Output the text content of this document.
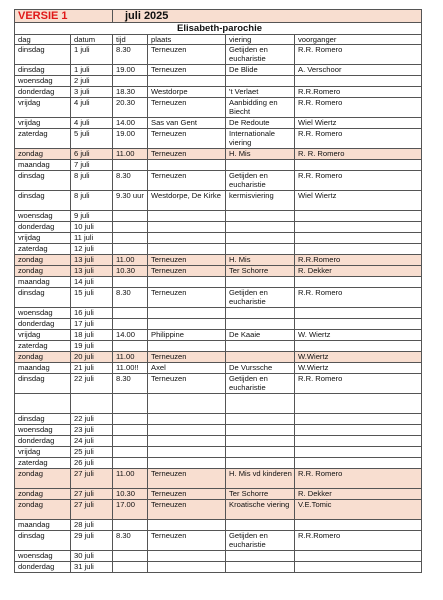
VERSIE 1		juli 2025			
Elisabeth-parochie					
dag	datum	tijd	plaats	viering	voorganger
dinsdag	1 juli	8.30	Terneuzen	Getijden en eucharistie	R.R. Romero
dinsdag	1 juli	19.00	Terneuzen	De Blide	A. Verschoor
woensdag	2 juli				
donderdag	3 juli	18.30	Westdorpe	't Verlaet	R.R.Romero
vrijdag	4 juli	20.30	Terneuzen	Aanbidding en Biecht	R.R. Romero
vrijdag	4 juli	14.00	Sas van Gent	De Redoute	Wiel Wiertz
zaterdag	5 juli	19.00	Terneuzen	Internationale viering	R.R. Romero
zondag	6 juli	11.00	Terneuzen	H. Mis	R. R. Romero
maandag	7 juli				
dinsdag	8 juli	8.30	Terneuzen	Getijden en eucharistie	R.R. Romero
dinsdag	8 juli	9.30 uur	Westdorpe, De Kirke	kermisviering	Wiel Wiertz
woensdag	9 juli				
donderdag	10 juli				
vrijdag	11 juli				
zaterdag	12 juli				
zondag	13 juli	11.00	Terneuzen	H. Mis	R.R.Romero
zondag	13 juli	10.30	Terneuzen	Ter Schorre	R. Dekker
maandag	14 juli				
dinsdag	15 juli	8.30	Terneuzen	Getijden en eucharistie	R.R. Romero
woensdag	16 juli				
donderdag	17 juli				
vrijdag	18 juli	14.00	Philippine	De Kaaie	W. Wiertz
zaterdag	19 juli				
zondag	20 juli	11.00	Terneuzen		W.Wiertz
maandag	21 juli	11.00!!	Axel	De Vurssche	W.Wiertz
dinsdag	22 juli	8.30	Terneuzen	Getijden en eucharistie	R.R. Romero

dinsdag	22 juli				
woensdag	23 juli				
donderdag	24 juli				
vrijdag	25 juli				
zaterdag	26 juli				
zondag	27 juli	11.00	Terneuzen	H. Mis vd kinderen	R.R. Romero
zondag	27 juli	10.30	Terneuzen	Ter Schorre	R. Dekker
zondag	27 juli	17.00	Terneuzen	Kroatische viering	V.E.Tomic
maandag	28 juli				
dinsdag	29 juli	8.30	Terneuzen	Getijden en eucharistie	R.R.Romero
woensdag	30 juli				
donderdag	31 juli				
